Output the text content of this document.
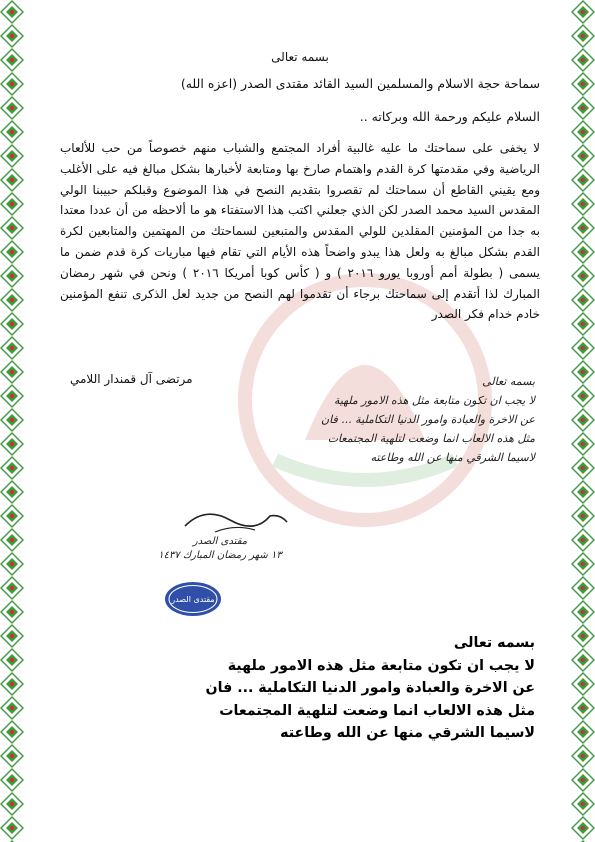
بسمه تعالى
سماحة حجة الاسلام والمسلمين السيد القائد مقتدى الصدر (اعزه الله)
السلام عليكم ورحمة الله وبركاته ..

لا يخفى على سماحتك ما عليه غالبية أفراد المجتمع والشباب منهم خصوصاً من حب للألعاب الرياضية وفي مقدمتها كرة القدم واهتمام صارخ بها ومتابعة لأخبارها بشكل مبالغ فيه على الأغلب ومع يقيني القاطع أن سماحتك لم تقصروا بتقديم النصح في هذا الموضوع وقبلكم حبيبنا الولي المقدس السيد محمد الصدر لكن الذي جعلني اكتب هذا الاستفتاء هو ما ألاحظه من أن عددا معتدا به جدا من المؤمنين المقلدين للولي المقدس والمتبعين لسماحتك من المهتمين والمتابعين لكرة القدم بشكل مبالغ به ولعل هذا يبدو واضحاً هذه الأيام التي تقام فيها مباريات كرة قدم ضمن ما يسمى ( بطولة أمم أوروبا يورو ٢٠١٦ ) و ( كأس كوبا أمريكا ٢٠١٦ ) ونحن في شهر رمضان المبارك لذا أتقدم إلى سماحتك برجاء أن تقدموا لهم النصح من جديد لعل الذكرى تنفع المؤمنين خادم خدام فكر الصدر

مرتضى آل قمندار اللامي	بسمه تعالى
لا يجب ان تكون متابعة مثل هذه الامور ملهية
عن الاخرة والعبادة وامور الدنيا التكاملية ... فان
مثل هذه الالعاب انما وضعت لتلهية المجتمعات
لاسيما الشرقي منها عن الله وطاعته
مقتدى الصدر
١٣ شهر رمضان المبارك ١٤٣٧
مقتدى الصدر
بسمه تعالى
لا يجب ان تكون متابعة مثل هذه الامور ملهية
عن الاخرة والعبادة وامور الدنيا التكاملية ... فان
مثل هذه الالعاب انما وضعت لتلهية المجتمعات
لاسيما الشرقي منها عن الله وطاعته
